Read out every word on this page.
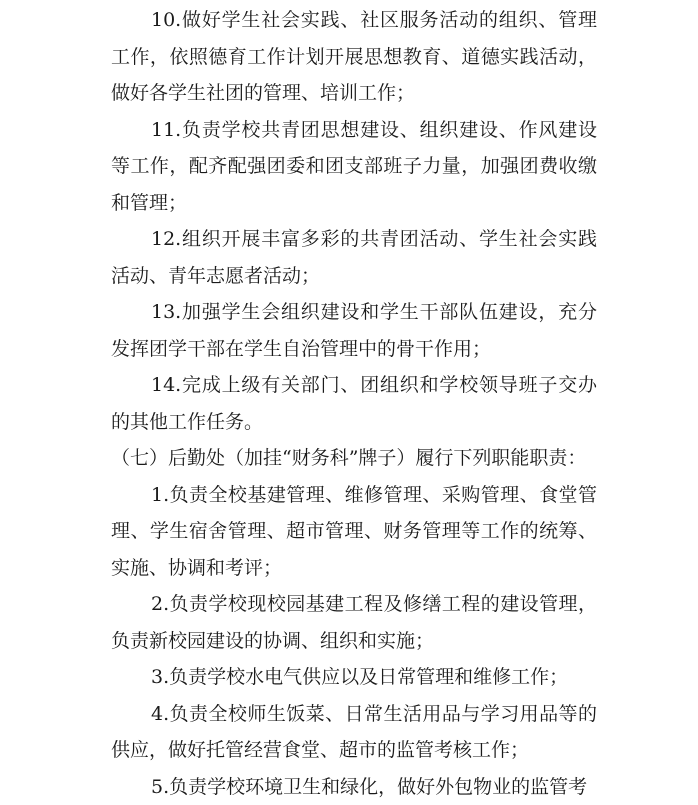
10.做好学生社会实践、社区服务活动的组织、管理工作，依照德育工作计划开展思想教育、道德实践活动，做好各学生社团的管理、培训工作；

11.负责学校共青团思想建设、组织建设、作风建设等工作，配齐配强团委和团支部班子力量，加强团费收缴和管理；

12.组织开展丰富多彩的共青团活动、学生社会实践活动、青年志愿者活动；

13.加强学生会组织建设和学生干部队伍建设，充分发挥团学干部在学生自治管理中的骨干作用；

14.完成上级有关部门、团组织和学校领导班子交办的其他工作任务。

（七）后勤处（加挂“财务科”牌子）履行下列职能职责：

1.负责全校基建管理、维修管理、采购管理、食堂管理、学生宿舍管理、超市管理、财务管理等工作的统筹、实施、协调和考评；

2.负责学校现校园基建工程及修缮工程的建设管理，负责新校园建设的协调、组织和实施；

3.负责学校水电气供应以及日常管理和维修工作；

4.负责全校师生饭菜、日常生活用品与学习用品等的供应，做好托管经营食堂、超市的监管考核工作；

5.负责学校环境卫生和绿化，做好外包物业的监管考
